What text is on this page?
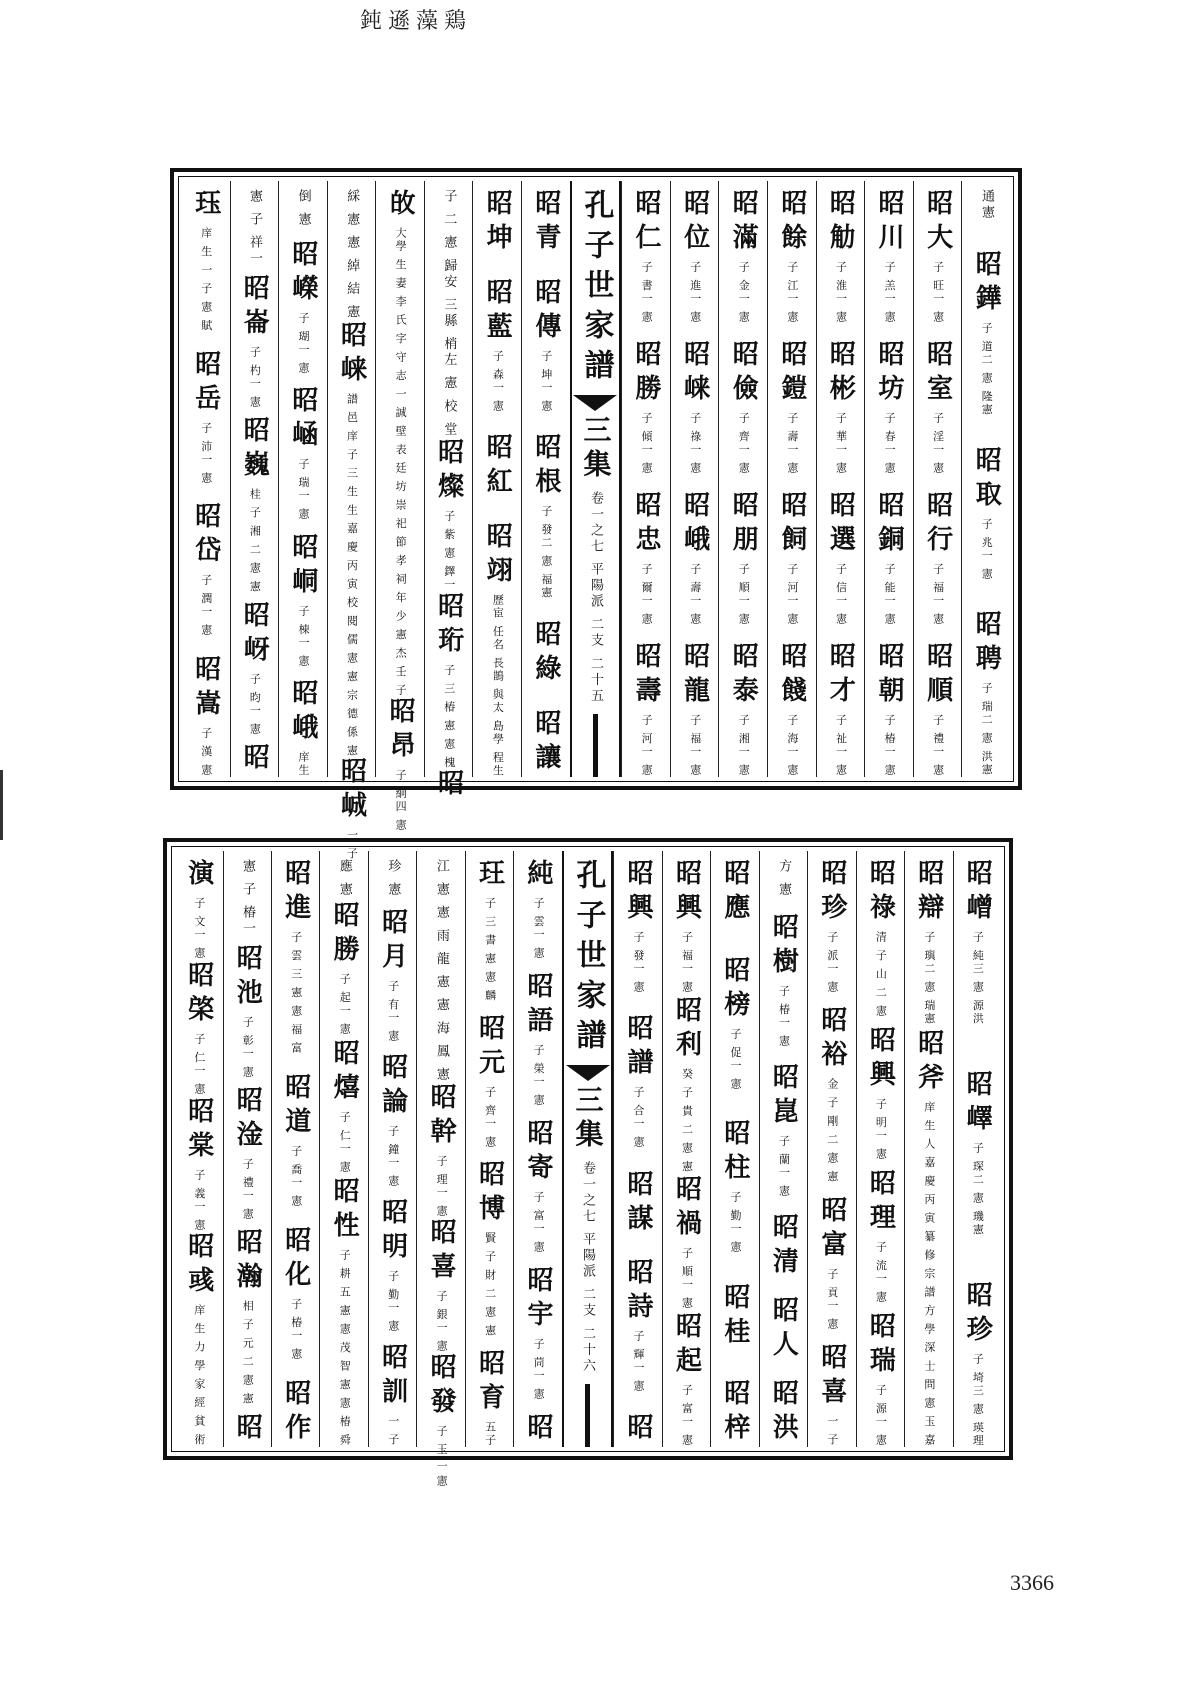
鈍遜藻鶏
通憲
昭鏵
子 道二 憲 隆憲
昭取
子 兆一 憲
昭聘
子 瑞二 憲 洪憲
昭大
子 旺一 憲
昭室
子 淫一 憲
昭行
子 福一 憲
昭順
子 禮一 憲
昭川
子 羔一 憲
昭坊
子 春一 憲
昭銅
子 能一 憲
昭朝
子 椿一 憲
昭觔
子 淮一 憲
昭彬
子 華一 憲
昭選
子 信一 憲
昭才
子 祉一 憲
昭餘
子 江一 憲
昭鎧
子 壽一 憲
昭飼
子 河一 憲
昭餞
子 海一 憲
昭滿
子 金一 憲
昭儉
子 齊一 憲
昭朋
子 順一 憲
昭泰
子 湘一 憲
昭位
子 進一 憲
昭崃
子 祿一 憲
昭峨
子 壽一 憲
昭龍
子 福一 憲
昭仁
子 書一 憲
昭勝
子 傾一 憲
昭忠
子 爾一 憲
昭壽
子 河一 憲
孔子世家譜
三集
卷一之七 平陽派 二支 二十五
昭青
昭傳
子 坤一 憲
昭根
子 發二 憲 福憲
昭綠
昭讓
昭坤
昭藍
子 森一 憲
昭紅
昭翊
歷宦 任名 長鵲 與太 島學 程生
子 二 憲 歸安 三縣 梢左 憲 校 堂
昭燦
子 紫 憲 鐸一
昭珩
子 三 椿 憲 憲 槐
昭
敀
大學 生 妻 李 氏 字 守 志 一 誠 壁 表 廷 坊 崇 祀 節 孝 祠 年 少 憲 杰 壬 子
昭昂
子 絅四 憲
綵 憲 憲 綽 結 憲
昭崃
譜 邑 庠 子 三 生 生 嘉 慶 丙 寅 校 閱 儒 憲 憲 宗 德 係 憲
昭峸
一 子
倒 憲
昭嶸
子 瑚一 憲
昭崡
子 瑞一 憲
昭峒
子 棟一 憲
昭峨
庠生
憲 子 祥一
昭崙
子 杓一 憲
昭巍
桂 子 湘 二 憲 憲
昭岈
子 昀一 憲
昭
珏
庠 生 一 子 憲 賦
昭岳
子 沛一 憲
昭岱
子 潤一 憲
昭嵩
子 漢 憲
昭嶒
子 純三 憲 源洪
昭嶧
子 琛二 憲 璣憲
昭珍
子 埼三 憲 瑛理
昭辯
子 璵二 憲 瑞憲
昭斧
庠 生 人 嘉 慶 丙 寅 纂 修 宗 譜 方 學 深 士 問 憲 玉 嘉
昭祿
清 子 山 二 憲
昭興
子 明一 憲
昭理
子 流一 憲
昭瑞
子 源一 憲
昭珍
子 派一 憲
昭裕
金 子 剛 二 憲 憲
昭富
子 貢一 憲
昭喜
一 子
方 憲
昭樹
子 椿一 憲
昭崑
子 蘭一 憲
昭清
昭人
昭洪
昭應
昭榜
子 促一 憲
昭柱
子 勤一 憲
昭桂
昭梓
昭興
子 福一 憲
昭利
癸 子 貴 二 憲 憲
昭禍
子 順一 憲
昭起
子 富一 憲
昭興
子 發一 憲
昭譜
子 合一 憲
昭謀
昭詩
子 輝一 憲
昭
孔子世家譜
三集
卷一之七 平陽派 二支 二十六
純
子 雲一 憲
昭語
子 榮一 憲
昭寄
子 富一 憲
昭宇
子 茼一 憲
昭
玨
子 三 書 憲 憲 麟
昭元
子 齊一 憲
昭博
賢 子 財 二 憲 憲
昭育
五子
江 憲 憲 雨 龍 憲 憲 海 鳳 憲
昭幹
子 理一 憲
昭喜
子 銀一 憲
昭發
子 玉二 憲
珍 憲
昭月
子 有一 憲
昭論
子 鐘一 憲
昭明
子 勤一 憲
昭訓
一 子
應 憲
昭勝
子 起一 憲
昭熺
子 仁一 憲
昭性
子 耕 五 憲 憲 茂 智 憲 憲 椿 舜
昭進
子 雲 三 憲 憲 福 富
昭道
子 喬一 憲
昭化
子 椿一 憲
昭作
憲 子 椿一
昭池
子 彰一 憲
昭淦
子 禮一 憲
昭瀚
相 子 元 二 憲 憲
昭
演
子 文一 憲
昭棨
子 仁一 憲
昭棠
子 義一 憲
昭彧
庠 生 力 學 家 經 貧 術
3366
